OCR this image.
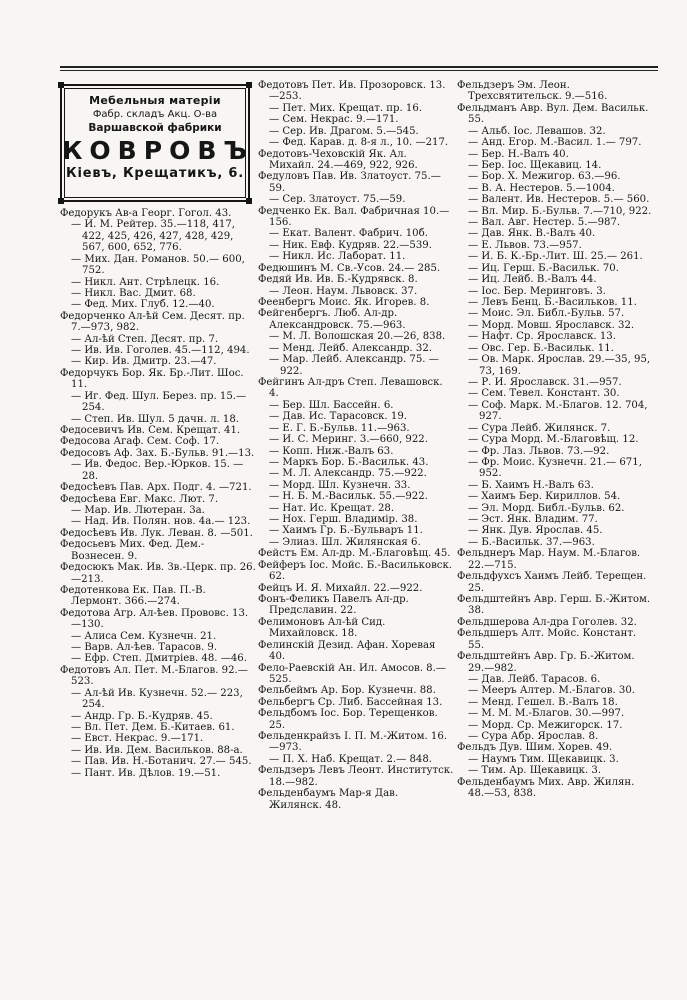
Мебельныя матеріи
Фабр. складъ Акц. О-ва
Варшавской фабрики
КОВРОВЪ
Кіевъ, Крещатикъ, 6.

Федорукъ Ав-а Георг. Гогол. 43.

— И. М. Рейтер. 35.—118, 417, 422, 425, 426, 427, 428, 429, 567, 600, 652, 776.

— Мих. Дан. Романов. 50.— 600, 752.

— Никл. Ант. Стрѣлецк. 16.

— Никл. Вас. Дмит. 68.

— Фед. Мих. Глуб. 12.—40.

Федорченко Ал-ѣй Сем. Десят. пр. 7.—973, 982.

— Ал-ѣй Степ. Десят. пр. 7.

— Ив. Ив. Гоголев. 45.—112, 494.

— Кир. Ив. Дмитр. 23.—47.

Федорчукъ Бор. Як. Бр.-Лит. Шос. 11.

— Иг. Фед. Шул. Берез. пр. 15.—254.

— Степ. Ив. Шул. 5 дачн. л. 18.

Федосевичъ Ив. Сем. Крещат. 41.

Федосова Агаф. Сем. Соф. 17.

Федосовъ Аф. Зах. Б.-Бульв. 91.—13.

— Ив. Федос. Вер.-Юрков. 15. —28.

Федосѣевъ Пав. Арх. Подг. 4. —721.

Федосѣева Евг. Макс. Лют. 7.

— Мар. Ив. Лютеран. 3а.

— Над. Ив. Полян. нов. 4а.— 123.

Федосѣевъ Ив. Лук. Леван. 8. —501.

Федосьевъ Мих. Фед. Дем.-Вознесен. 9.

Федосюкъ Мак. Ив. Зв.-Церк. пр. 26.—213.

Федотенкова Ек. Пав. П.-В. Лермонт. 366.—274.

Федотова Агр. Ал-ѣев. Прововс. 13.—130.

— Алиса Сем. Кузнечн. 21.

— Варв. Ал-ѣев. Тарасов. 9.

— Ефр. Степ. Дмитріев. 48. —46.

Федотовъ Ал. Пет. М.-Благов. 92.—523.

— Ал-ѣй Ив. Кузнечн. 52.— 223, 254.

— Андр. Гр. Б.-Кудряв. 45.

— Вл. Пет. Дем. Б.-Китаев. 61.

— Евст. Некрас. 9.—171.

— Ив. Ив. Дем. Васильков. 88-а.

— Пав. Ив. Н.-Ботанич. 27.— 545.

— Пант. Ив. Дѣлов. 19.—51.

Федотовъ Пет. Ив. Прозоровск. 13.—253.

— Пет. Мих. Крещат. пр. 16.

— Сем. Некрас. 9.—171.

— Сер. Ив. Драгом. 5.—545.

— Фед. Карав. д. 8-я л., 10. —217.

Федотовъ-Чеховскій Як. Ал. Михайл. 24.—469, 922, 926.

Федуловъ Пав. Ив. Златоуст. 75.—59.

— Сер. Златоуст. 75.—59.

Федченко Ек. Вал. Фабричная 10.—156.

— Екат. Валент. Фабрич. 10б.

— Ник. Евф. Кудряв. 22.—539.

— Никл. Ис. Лаборат. 11.

Федюшинъ М. Св.-Усов. 24.— 285.

Федяй Ив. Ив. Б.-Кудрявск. 8.

— Леон. Наум. Львовск. 37.

Феенбергъ Моис. Як. Игорев. 8.

Фейгенбергъ. Люб. Ал-др. Александровск. 75.—963.

— М. Л. Волошская 20.—26, 838.

— Менд. Лейб. Александр. 32.

— Мар. Лейб. Александр. 75. —922.

Фейгинъ Ал-дръ Степ. Левашовск. 4.

— Бер. Шл. Бассейн. 6.

— Дав. Ис. Тарасовск. 19.

— Е. Г. Б.-Бульв. 11.—963.

— И. С. Меринг. 3.—660, 922.

— Копп. Ниж.-Валъ 63.

— Маркъ Бор. Б.-Васильк. 43.

— М. Л. Александр. 75.—922.

— Морд. Шл. Кузнечн. 33.

— Н. Б. М.-Васильк. 55.—922.

— Нат. Ис. Крещат. 28.

— Нох. Герш. Владимір. 38.

— Хаимъ Гр. Б.-Бульваръ 11.

— Элиаз. Шл. Жилянская 6.

Фейстъ Ем. Ал-др. М.-Благовѣщ. 45.

Фейферъ Іос. Мойс. Б.-Васильковск. 62.

Фейцъ И. Я. Михайл. 22.—922.

Фонъ-Феликъ Павелъ Ал-др. Предславин. 22.

Фелимоновъ Ал-ѣй Сид. Михайловск. 18.

Фелинскій Дезид. Афан. Хоревая 40.

Фело-Раевскій Ан. Ил. Амосов. 8.—525.

Фельбеймъ Ар. Бор. Кузнечн. 88.

Фельбергъ Ср. Либ. Бассейная 13.

Фельдбомъ Іос. Бор. Терещенков. 25.

Фельденкрайзъ І. П. М.-Житом. 16.—973.

— П. Х. Наб. Крещат. 2.— 848.

Фельдзеръ Левъ Леонт. Институтск. 18.—982.

Фельденбаумъ Мар-я Дав. Жилянск. 48.

Фельдзеръ Эм. Леон. Трехсвятительск. 9.—516.

Фельдманъ Авр. Вул. Дем. Васильк. 55.

— Альб. Іос. Левашов. 32.

— Анд. Егор. М.-Васил. 1.— 797.

— Бер. Н.-Валъ 40.

— Бер. Іос. Щекавиц. 14.

— Бор. Х. Межигор. 63.—96.

— В. А. Нестеров. 5.—1004.

— Валент. Ив. Нестеров. 5.— 560.

— Вл. Мир. Б.-Бульв. 7.—710, 922.

— Вал. Авг. Нестер. 5.—987.

— Дав. Янк. В.-Валъ 40.

— Е. Львов. 73.—957.

— И. Б. К.-Бр.-Лит. Ш. 25.— 261.

— Иц. Герш. Б.-Васильк. 70.

— Иц. Лейб. В.-Валъ 44.

— Іос. Бер. Меринговъ. 3.

— Левъ Бенц. Б.-Васильков. 11.

— Моис. Эл. Библ.-Бульв. 57.

— Морд. Мовш. Ярославск. 32.

— Нафт. Ср. Ярославск. 13.

— Овс. Гер. Б.-Васильк. 11.

— Ов. Марк. Ярослав. 29.—35, 95, 73, 169.

— Р. И. Ярославск. 31.—957.

— Сем. Тевел. Констант. 30.

— Соф. Марк. М.-Благов. 12. 704, 927.

— Сура Лейб. Жилянск. 7.

— Сура Морд. М.-Благовѣщ. 12.

— Фр. Лаз. Львов. 73.—92.

— Фр. Моис. Кузнечн. 21.— 671, 952.

— Б. Хаимъ Н.-Валъ 63.

— Хаимъ Бер. Кириллов. 54.

— Эл. Морд. Библ.-Бульв. 62.

— Эст. Янк. Владим. 77.

— Янк. Дув. Ярослав. 45.

— Б.-Васильк. 37.—963.

Фельднеръ Мар. Наум. М.-Благов. 22.—715.

Фельдфухсъ Хаимъ Лейб. Терещен. 25.

Фельдштейнъ Авр. Герш. Б.-Житом. 38.

Фельдшерова Ал-дра Гоголев. 32.

Фельдшеръ Алт. Мойс. Констант. 55.

Фельдштейнъ Авр. Гр. Б.-Житом. 29.—982.

— Дав. Лейб. Тарасов. 6.

— Мееръ Алтер. М.-Благов. 30.

— Менд. Гешел. В.-Валъ 18.

— М. М. М.-Благов. 30.—997.

— Морд. Ср. Межигорск. 17.

— Сура Абр. Ярослав. 8.

Фельдъ Дув. Шим. Хорев. 49.

— Наумъ Тим. Щекавицк. 3.

— Тим. Ар. Щекавицк. 3.

Фельденбаумъ Мих. Авр. Жилян. 48.—53, 838.
